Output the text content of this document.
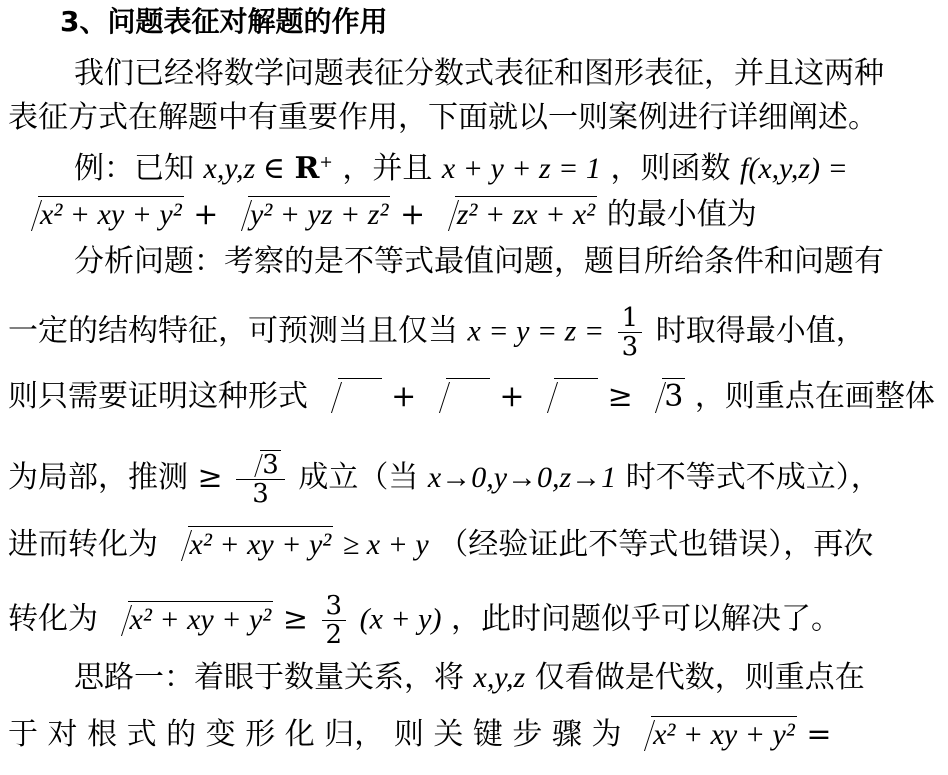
3、问题表征对解题的作用
我们已经将数学问题表征分数式表征和图形表征，并且这两种
表征方式在解题中有重要作用，下面就以一则案例进行详细阐述。
例：已知 x,y,z ∈ R+ ，并且 x + y + z = 1 ，则函数 f(x,y,z) =
x² + xy + y² + y² + yz + z² + z² + zx + x² 的最小值为
分析问题：考察的是不等式最值问题，题目所给条件和问题有
一定的结构特征，可预测当且仅当 $x = y = z = \frac{1}{3}$ 时取得最小值，
则只需要证明这种形式	+	+	≥ 3 ，则重点在画整体
为局部，推测 ≥ $\frac{3}{3}$ 成立（当 x→0,y→0,z→1 时不等式不成立），
进而转化为 x² + xy + y² ≥ x + y （经验证此不等式也错误），再次
转化为 x² + xy + $y^2 \ge \frac{3}{2} (x + y)$ ，此时问题似乎可以解决了。
思路一：着眼于数量关系，将 x,y,z 仅看做是代数，则重点在
于 对 根 式 的 变 形 化 归， 则 关 键 步 骤 为 x² + xy + y² =
